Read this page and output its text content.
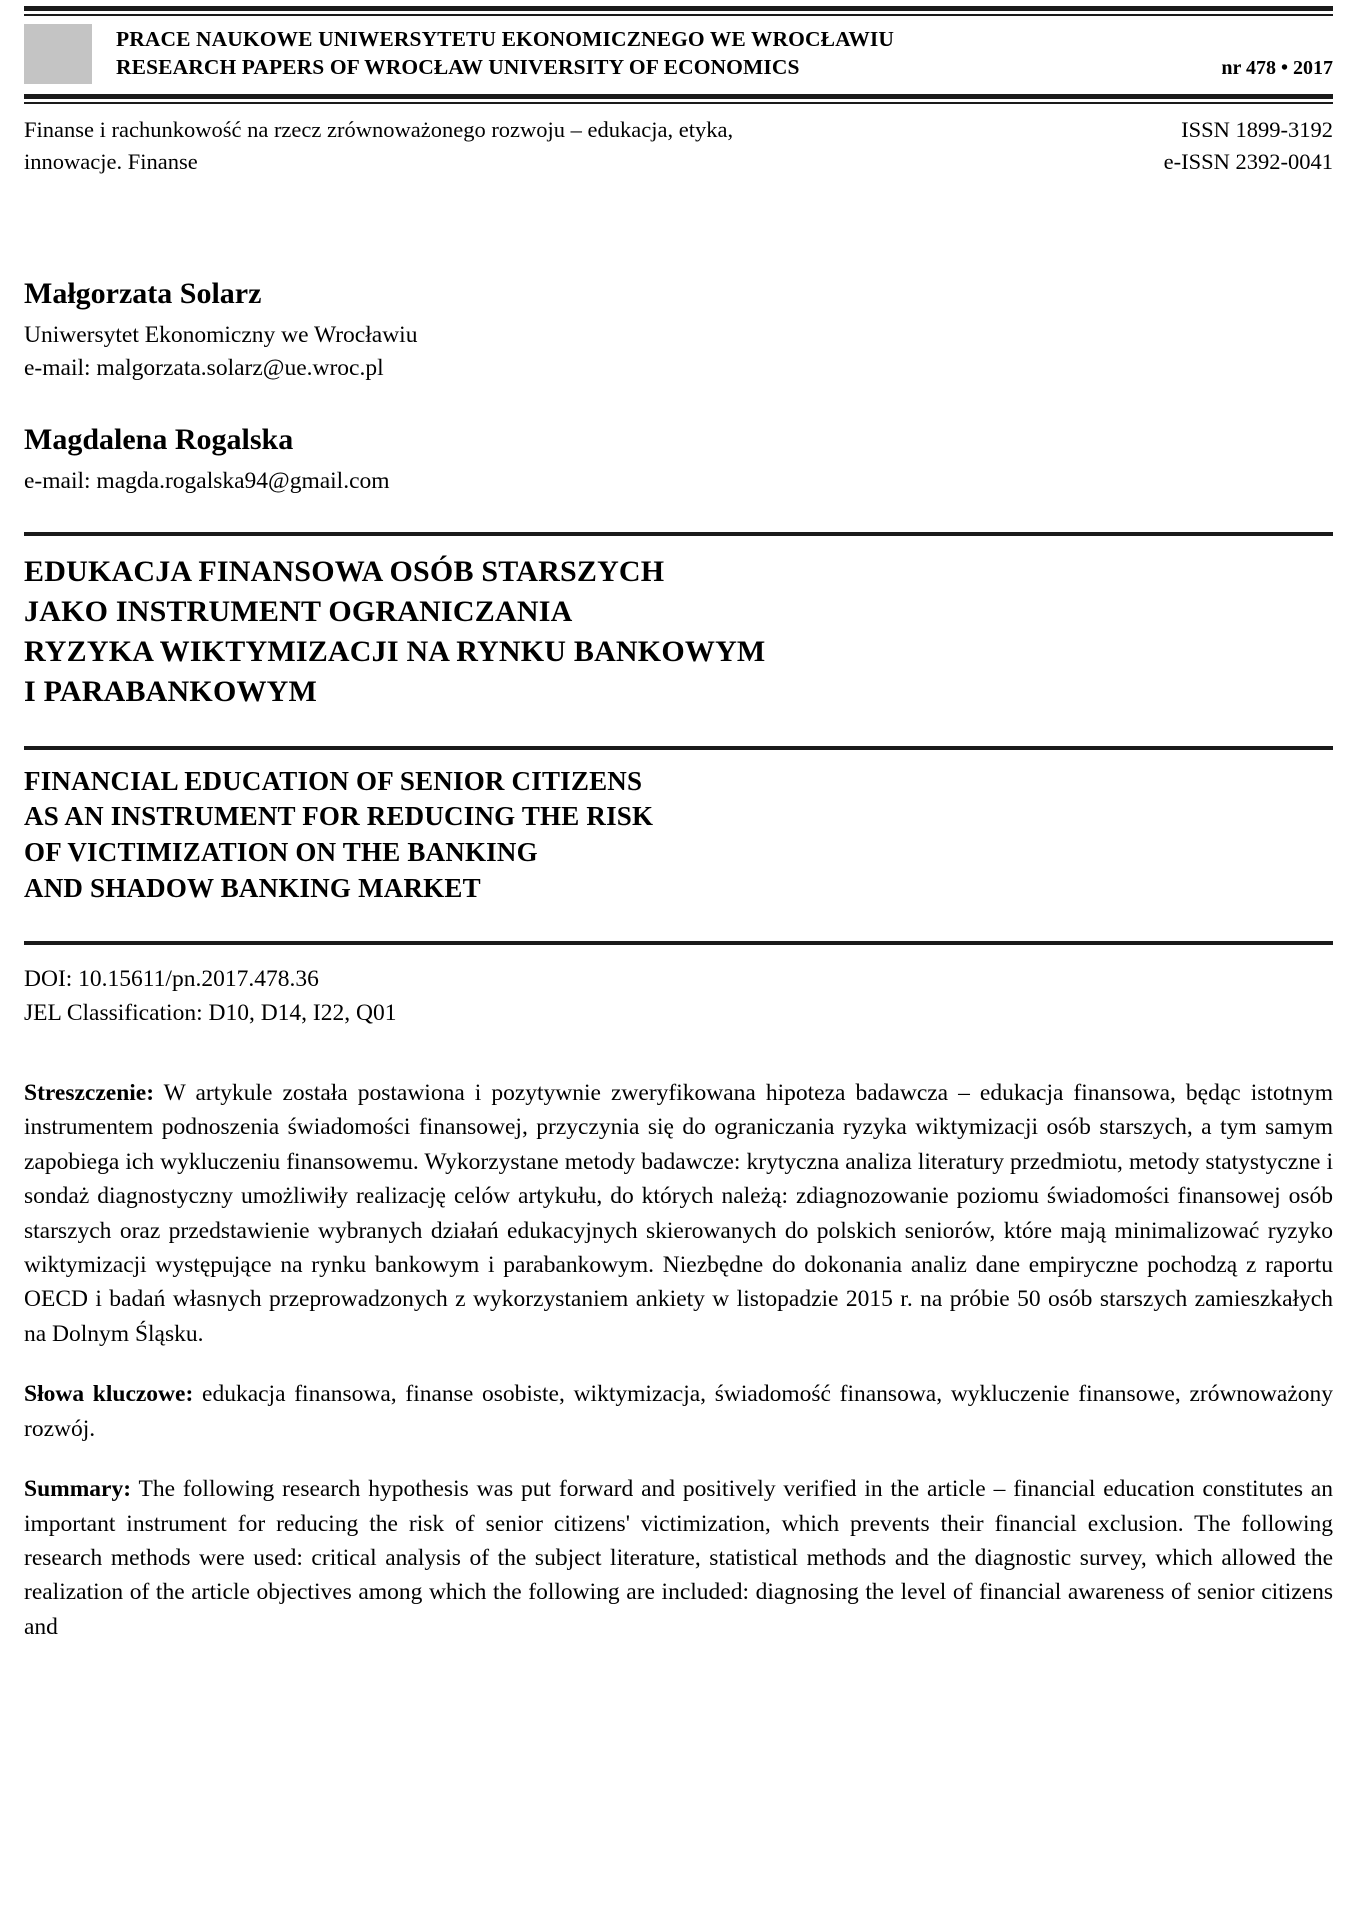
PRACE NAUKOWE UNIWERSYTETU EKONOMICZNEGO WE WROCŁAWIU
RESEARCH PAPERS OF WROCŁAW UNIVERSITY OF ECONOMICS	nr 478 • 2017
Finanse i rachunkowość na rzecz zrównoważonego rozwoju – edukacja, etyka, innowacje. Finanse
ISSN 1899-3192
e-ISSN 2392-0041
Małgorzata Solarz
Uniwersytet Ekonomiczny we Wrocławiu
e-mail: malgorzata.solarz@ue.wroc.pl
Magdalena Rogalska
e-mail: magda.rogalska94@gmail.com
EDUKACJA FINANSOWA OSÓB STARSZYCH
JAKO INSTRUMENT OGRANICZANIA
RYZYKA WIKTYMIZACJI NA RYNKU BANKOWYM
I PARABANKOWYM
FINANCIAL EDUCATION OF SENIOR CITIZENS
AS AN INSTRUMENT FOR REDUCING THE RISK
OF VICTIMIZATION ON THE BANKING
AND SHADOW BANKING MARKET
DOI: 10.15611/pn.2017.478.36
JEL Classification: D10, D14, I22, Q01

Streszczenie: W artykule została postawiona i pozytywnie zweryfikowana hipoteza badawcza – edukacja finansowa, będąc istotnym instrumentem podnoszenia świadomości finansowej, przyczynia się do ograniczania ryzyka wiktymizacji osób starszych, a tym samym zapobiega ich wykluczeniu finansowemu. Wykorzystane metody badawcze: krytyczna analiza literatury przedmiotu, metody statystyczne i sondaż diagnostyczny umożliwiły realizację celów artykułu, do których należą: zdiagnozowanie poziomu świadomości finansowej osób starszych oraz przedstawienie wybranych działań edukacyjnych skierowanych do polskich seniorów, które mają minimalizować ryzyko wiktymizacji występujące na rynku bankowym i parabankowym. Niezbędne do dokonania analiz dane empiryczne pochodzą z raportu OECD i badań własnych przeprowadzonych z wykorzystaniem ankiety w listopadzie 2015 r. na próbie 50 osób starszych zamieszkałych na Dolnym Śląsku.

Słowa kluczowe: edukacja finansowa, finanse osobiste, wiktymizacja, świadomość finansowa, wykluczenie finansowe, zrównoważony rozwój.

Summary: The following research hypothesis was put forward and positively verified in the article – financial education constitutes an important instrument for reducing the risk of senior citizens' victimization, which prevents their financial exclusion. The following research methods were used: critical analysis of the subject literature, statistical methods and the diagnostic survey, which allowed the realization of the article objectives among which the following are included: diagnosing the level of financial awareness of senior citizens and
